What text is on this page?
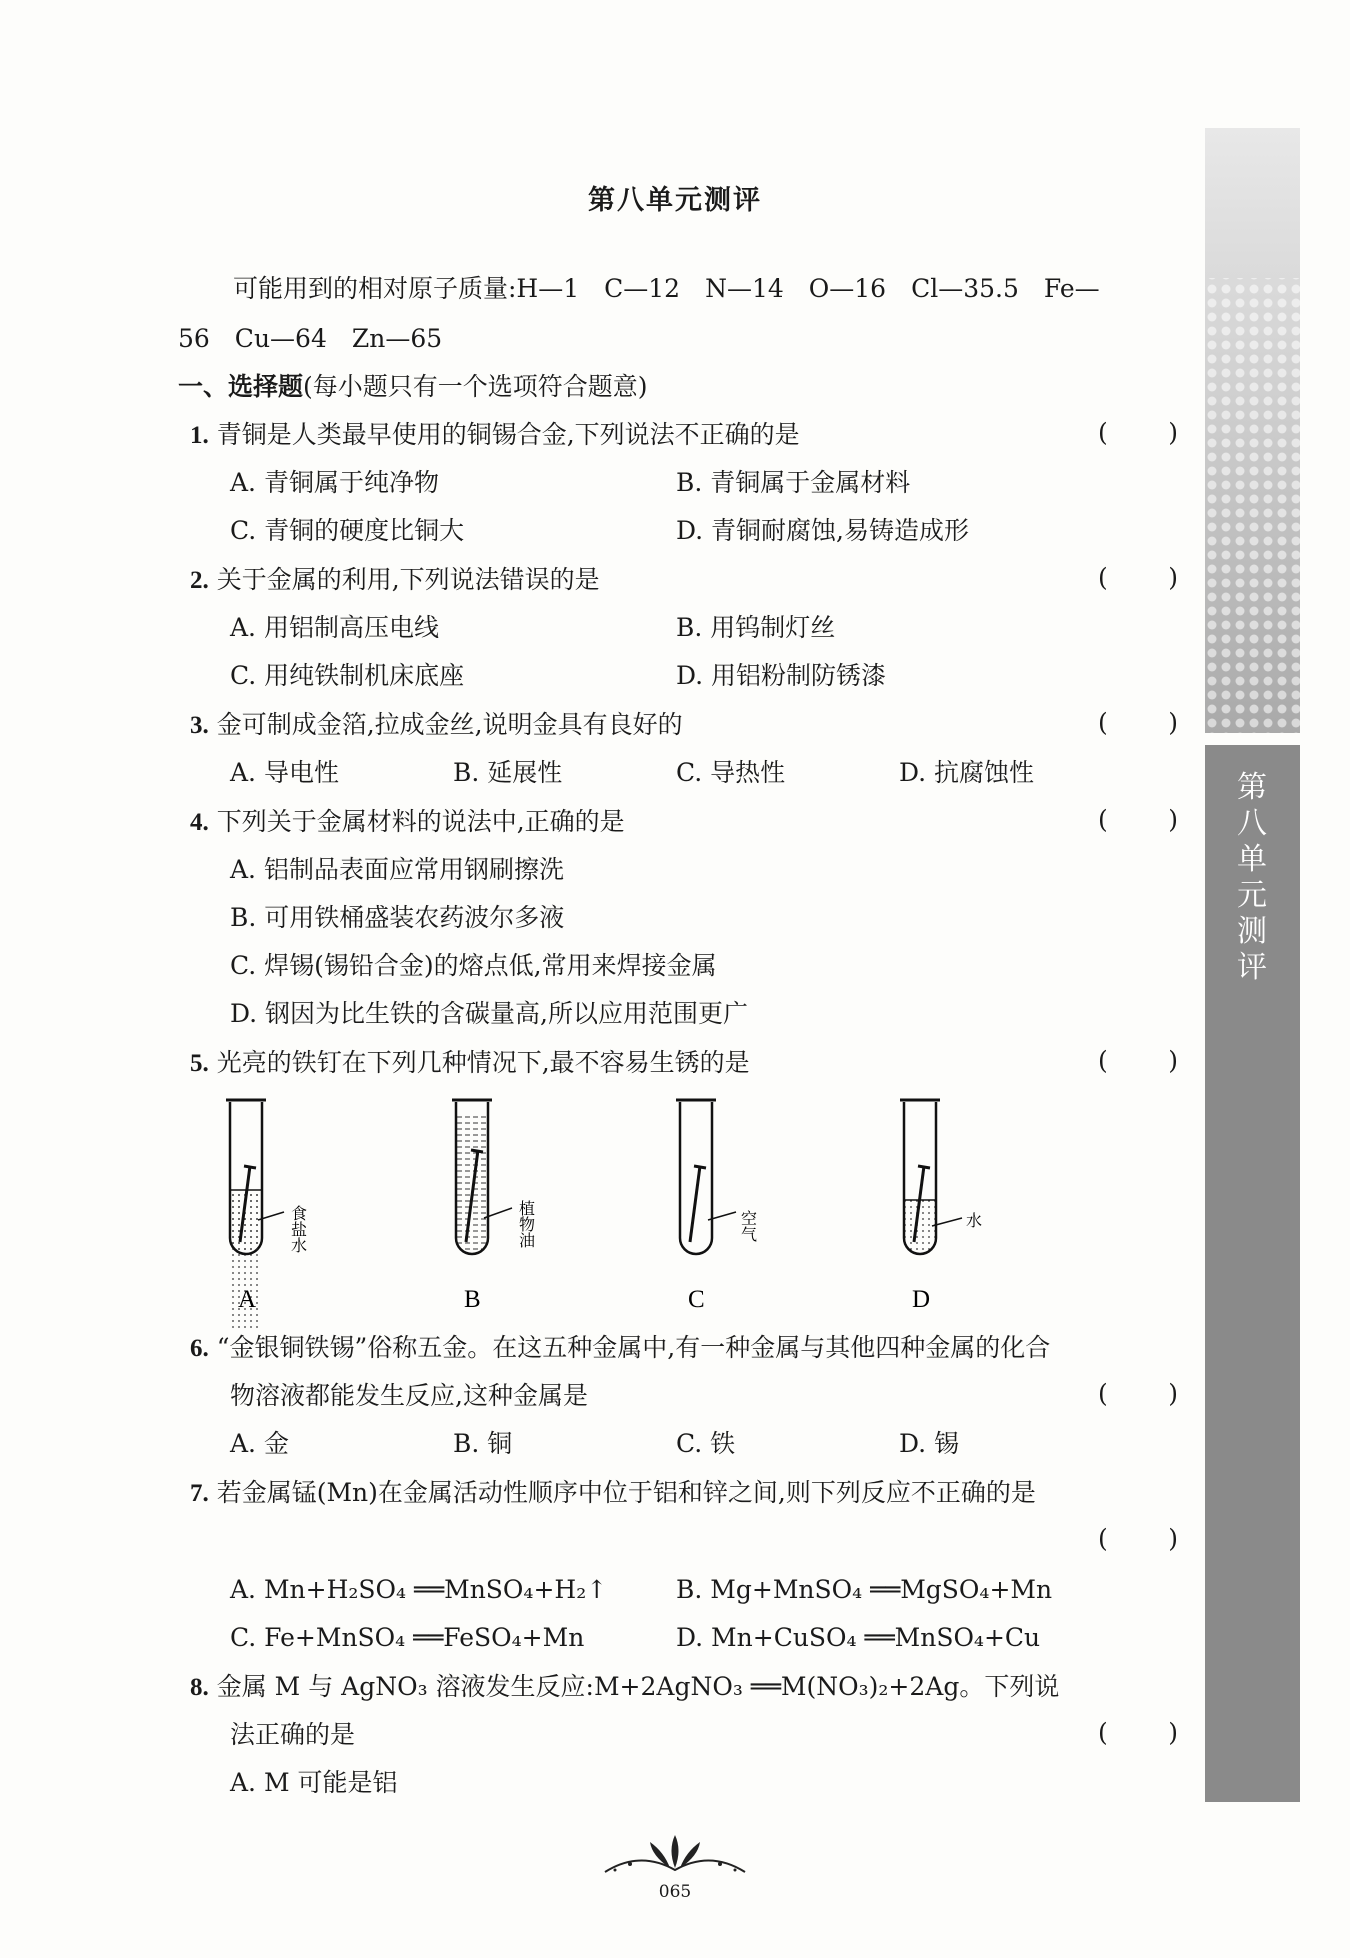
第八单元测评
第八单元测评
可能用到的相对原子质量:H—1　C—12　N—14　O—16　Cl—35.5　Fe—
56　Cu—64　Zn—65
一、选择题(每小题只有一个选项符合题意)
1. 青铜是人类最早使用的铜锡合金,下列说法不正确的是	( )
A. 青铜属于纯净物	B. 青铜属于金属材料
C. 青铜的硬度比铜大	D. 青铜耐腐蚀,易铸造成形
2. 关于金属的利用,下列说法错误的是	( )
A. 用铝制高压电线	B. 用钨制灯丝
C. 用纯铁制机床底座	D. 用铝粉制防锈漆
3. 金可制成金箔,拉成金丝,说明金具有良好的	( )
A. 导电性	B. 延展性	C. 导热性	D. 抗腐蚀性
4. 下列关于金属材料的说法中,正确的是	( )
A. 铝制品表面应常用钢刷擦洗
B. 可用铁桶盛装农药波尔多液
C. 焊锡(锡铅合金)的熔点低,常用来焊接金属
D. 钢因为比生铁的含碳量高,所以应用范围更广
5. 光亮的铁钉在下列几种情况下,最不容易生锈的是	( )
食盐水
A
植物油
B
空气
C
水
D
6. “金银铜铁锡”俗称五金。在这五种金属中,有一种金属与其他四种金属的化合
物溶液都能发生反应,这种金属是	( )
A. 金	B. 铜	C. 铁	D. 锡
7. 若金属锰(Mn)在金属活动性顺序中位于铝和锌之间,则下列反应不正确的是
( )
A. Mn+H₂SO₄ ══MnSO₄+H₂↑	B. Mg+MnSO₄ ══MgSO₄+Mn
C. Fe+MnSO₄ ══FeSO₄+Mn	D. Mn+CuSO₄ ══MnSO₄+Cu
8. 金属 M 与 AgNO₃ 溶液发生反应:M+2AgNO₃ ══M(NO₃)₂+2Ag。下列说
法正确的是	( )
A. M 可能是铝
065
